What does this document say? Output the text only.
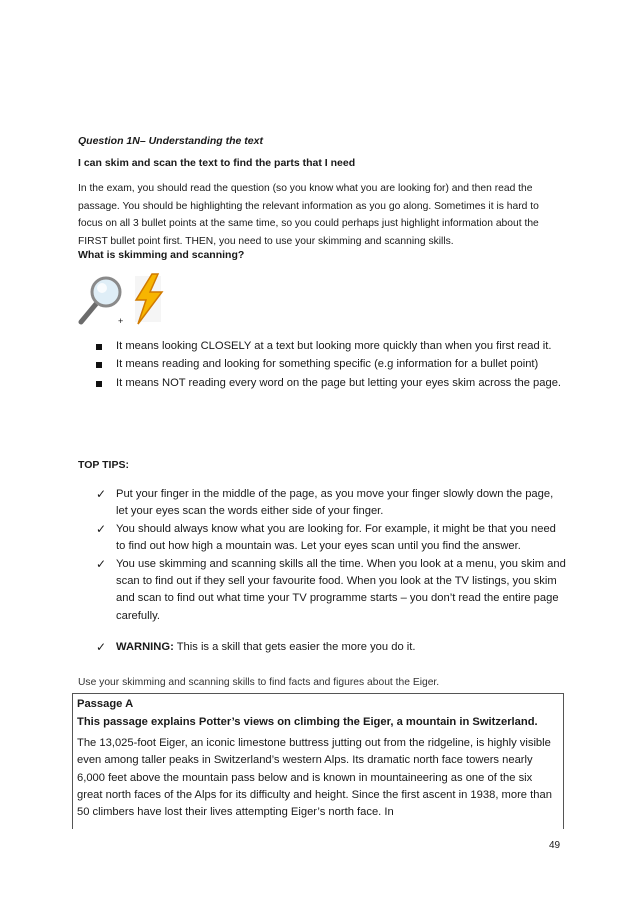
Question 1N– Understanding the text
I can skim and scan the text to find the parts that I need
In the exam, you should read the question (so you know what you are looking for) and then read the passage. You should be highlighting the relevant information as you go along. Sometimes it is hard to focus on all 3 bullet points at the same time, so you could perhaps just highlight information about the FIRST bullet point first. THEN, you need to use your skimming and scanning skills.
What is skimming and scanning?
+
It means looking CLOSELY at a text but looking more quickly than when you first read it.
It means reading and looking for something specific (e.g information for a bullet point)
It means NOT reading every word on the page but letting your eyes skim across the page.
TOP TIPS:
✓ Put your finger in the middle of the page, as you move your finger slowly down the page, let your eyes scan the words either side of your finger.
✓ You should always know what you are looking for. For example, it might be that you need to find out how high a mountain was. Let your eyes scan until you find the answer.
✓ You use skimming and scanning skills all the time. When you look at a menu, you skim and scan to find out if they sell your favourite food. When you look at the TV listings, you skim and scan to find out what time your TV programme starts – you don’t read the entire page carefully.
✓ WARNING: This is a skill that gets easier the more you do it.
Use your skimming and scanning skills to find facts and figures about the Eiger.
Passage A
This passage explains Potter’s views on climbing the Eiger, a mountain in Switzerland.

The 13,025-foot Eiger, an iconic limestone buttress jutting out from the ridgeline, is highly visible even among taller peaks in Switzerland’s western Alps. Its dramatic north face towers nearly 6,000 feet above the mountain pass below and is known in mountaineering as one of the six great north faces of the Alps for its difficulty and height. Since the first ascent in 1938, more than 50 climbers have lost their lives attempting Eiger’s north face. In

49
